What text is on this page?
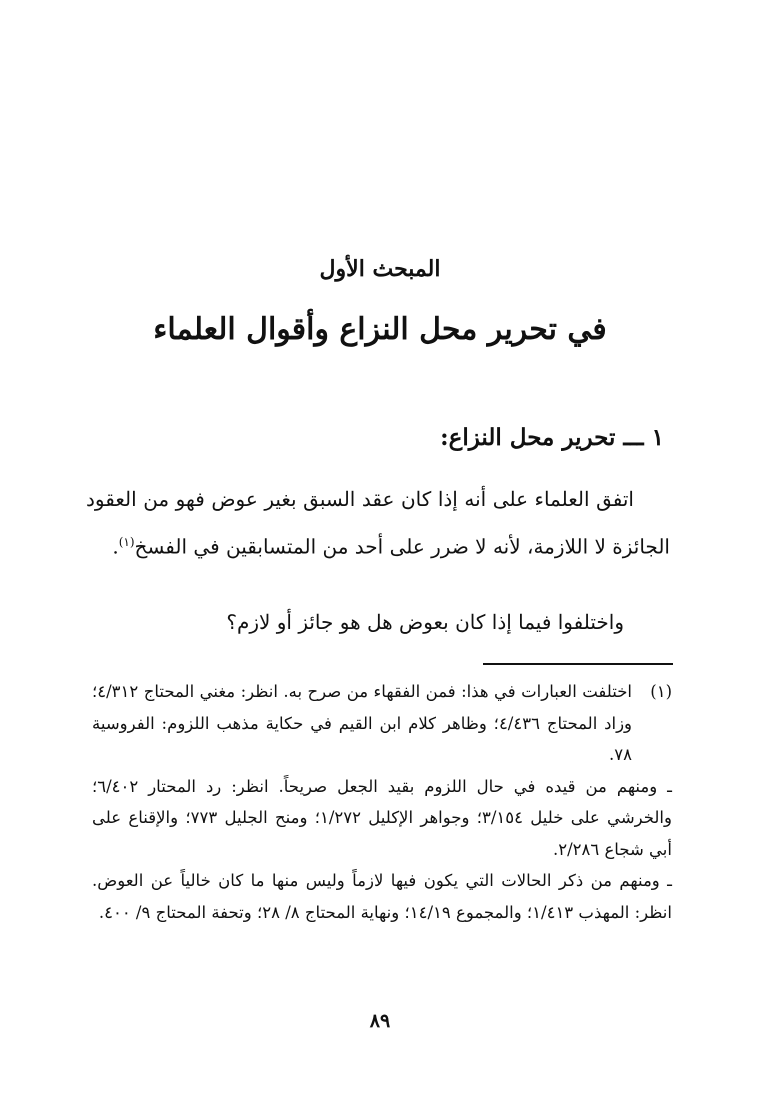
المبحث الأول
في تحرير محل النزاع وأقوال العلماء
١ ـــ تحرير محل النزاع:

اتفق العلماء على أنه إذا كان عقد السبق بغير عوض فهو من العقود الجائزة لا اللازمة، لأنه لا ضرر على أحد من المتسابقين في الفسخ$^{(١)}$.

واختلفوا فيما إذا كان بعوض هل هو جائز أو لازم؟
(١)
اختلفت العبارات في هذا: فمن الفقهاء من صرح به. انظر: مغني المحتاج ٤/٣١٢؛ وزاد المحتاج ٤/٤٣٦؛ وظاهر كلام ابن القيم في حكاية مذهب اللزوم: الفروسية ٧٨.

ـ ومنهم من قيده في حال اللزوم بقيد الجعل صريحاً. انظر: رد المحتار ٦/٤٠٢؛ والخرشي على خليل ٣/١٥٤؛ وجواهر الإكليل ١/٢٧٢؛ ومنح الجليل ٧٧٣؛ والإقناع على أبي شجاع ٢/٢٨٦.

ـ ومنهم من ذكر الحالات التي يكون فيها لازماً وليس منها ما كان خالياً عن العوض. انظر: المهذب ١/٤١٣؛ والمجموع ١٤/١٩؛ ونهاية المحتاج ٨/ ٢٨؛ وتحفة المحتاج ٩/ ٤٠٠.

٨٩
